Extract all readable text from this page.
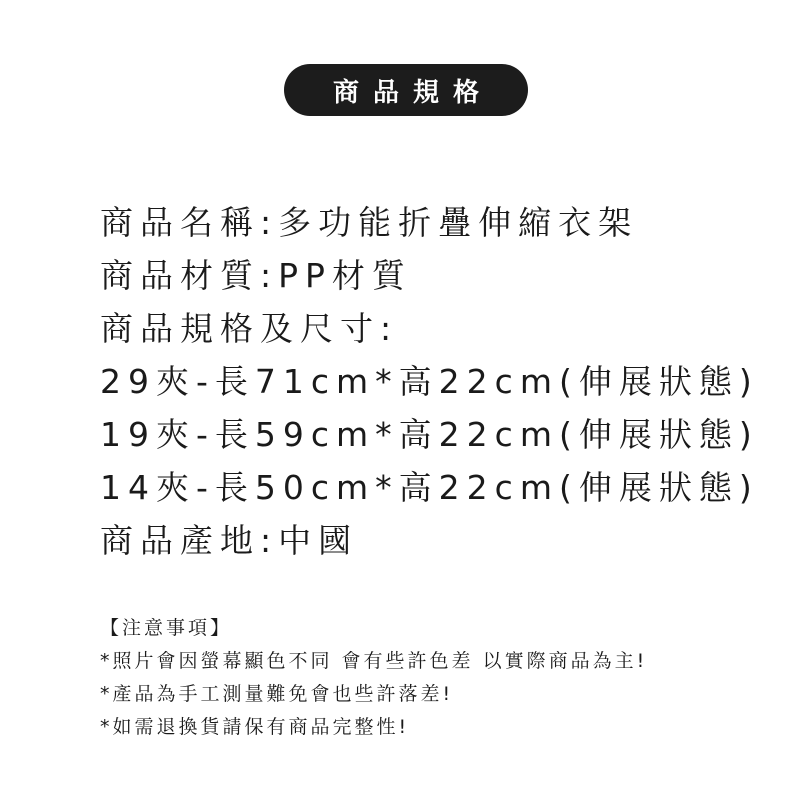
商品規格
商品名稱:多功能折疊伸縮衣架
商品材質:PP材質
商品規格及尺寸:
29夾-長71cm*高22cm(伸展狀態)
19夾-長59cm*高22cm(伸展狀態)
14夾-長50cm*高22cm(伸展狀態)
商品產地:中國
【注意事項】
*照片會因螢幕顯色不同 會有些許色差 以實際商品為主!
*產品為手工測量難免會也些許落差!
*如需退換貨請保有商品完整性!
